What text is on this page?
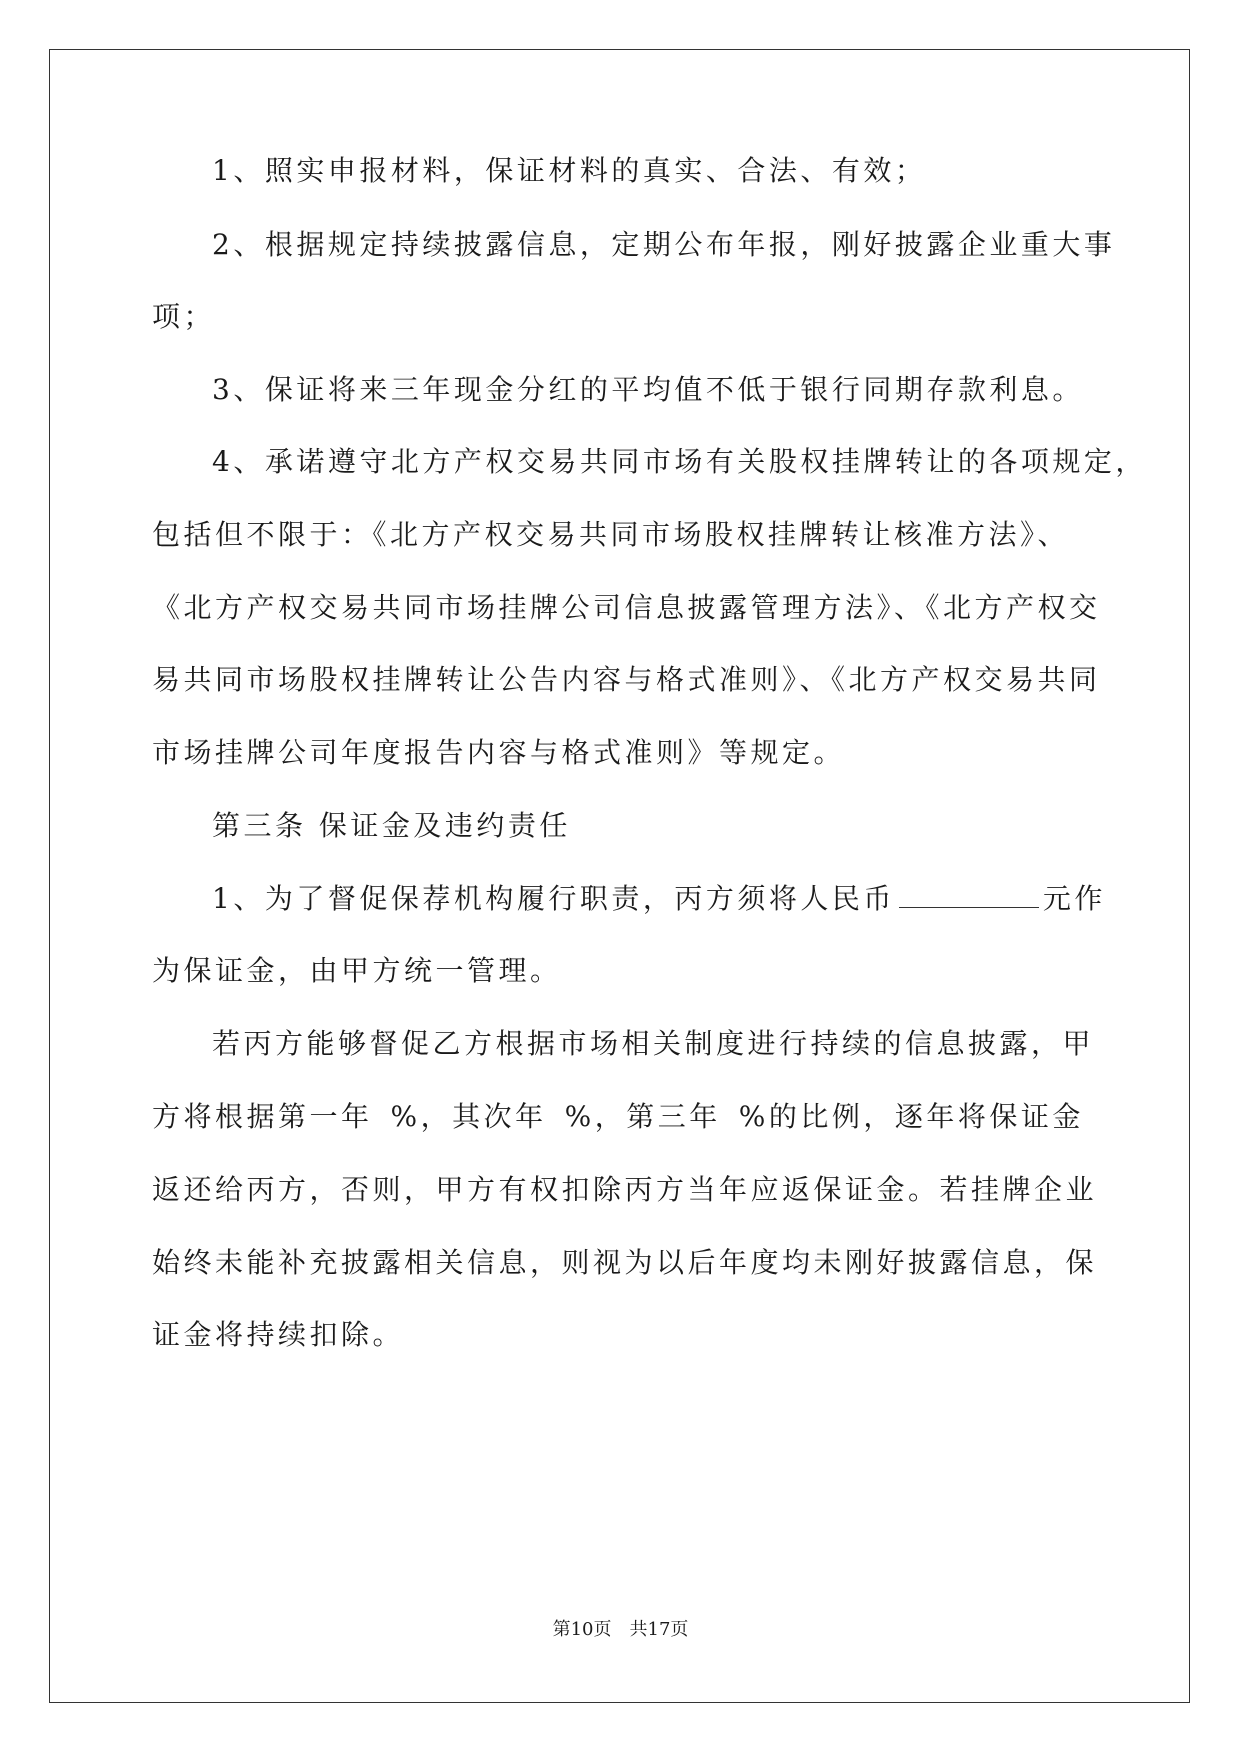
1、照实申报材料，保证材料的真实、合法、有效；
2、根据规定持续披露信息，定期公布年报，刚好披露企业重大事
项；
3、保证将来三年现金分红的平均值不低于银行同期存款利息。
4、承诺遵守北方产权交易共同市场有关股权挂牌转让的各项规定，
包括但不限于：《北方产权交易共同市场股权挂牌转让核准方法》、
《北方产权交易共同市场挂牌公司信息披露管理方法》、《北方产权交
易共同市场股权挂牌转让公告内容与格式准则》、《北方产权交易共同
市场挂牌公司年度报告内容与格式准则》等规定。
第三条 保证金及违约责任
1、为了督促保荐机构履行职责，丙方须将人民币	元作
为保证金，由甲方统一管理。
若丙方能够督促乙方根据市场相关制度进行持续的信息披露，甲
方将根据第一年 %，其次年 %，第三年 %的比例，逐年将保证金
返还给丙方，否则，甲方有权扣除丙方当年应返保证金。若挂牌企业
始终未能补充披露相关信息，则视为以后年度均未刚好披露信息，保
证金将持续扣除。
第10页 共17页
